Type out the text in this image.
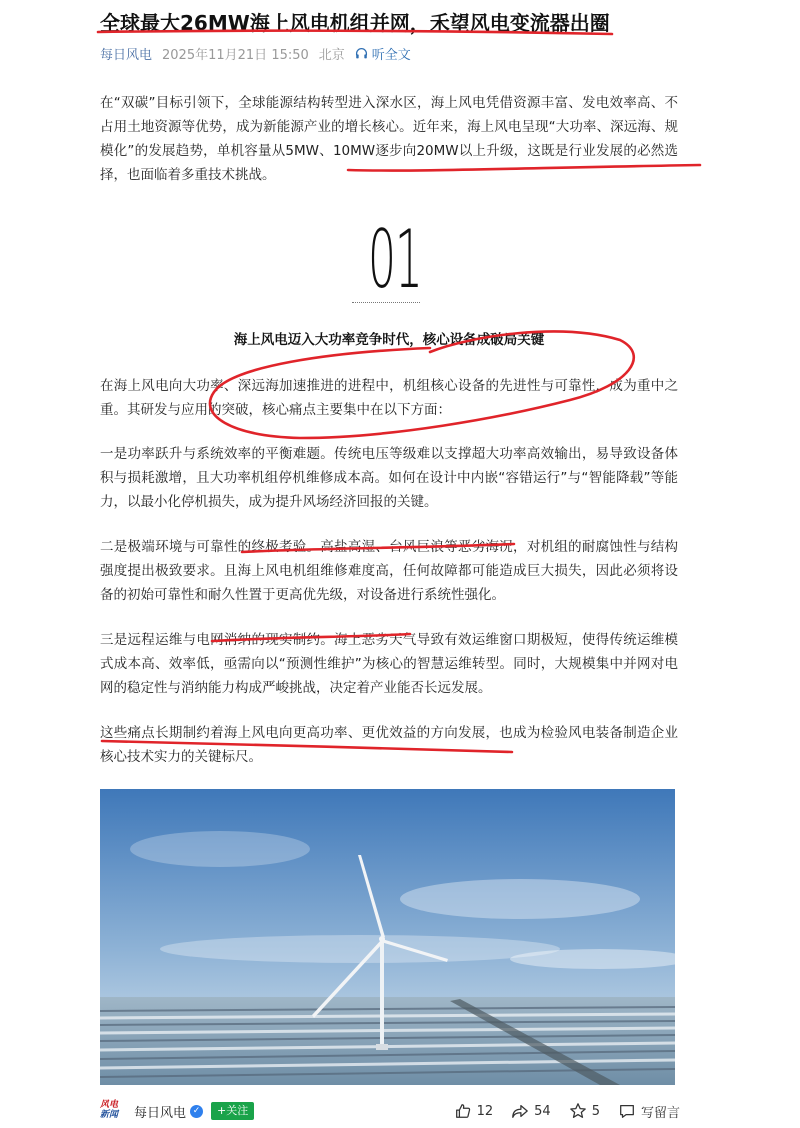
全球最大26MW海上风电机组并网，禾望风电变流器出圈
每日风电 2025年11月21日 15:50 北京 听全文

在“双碳”目标引领下，全球能源结构转型进入深水区，海上风电凭借资源丰富、发电效率高、不占用土地资源等优势，成为新能源产业的增长核心。近年来，海上风电呈现“大功率、深远海、规模化”的发展趋势，单机容量从5MW、10MW逐步向20MW以上升级，这既是行业发展的必然选择，也面临着多重技术挑战。

01
海上风电迈入大功率竞争时代，核心设备成破局关键

在海上风电向大功率、深远海加速推进的进程中，机组核心设备的先进性与可靠性，成为重中之重。其研发与应用的突破，核心痛点主要集中在以下方面：

一是功率跃升与系统效率的平衡难题。传统电压等级难以支撑超大功率高效输出，易导致设备体积与损耗激增，且大功率机组停机维修成本高。如何在设计中内嵌“容错运行”与“智能降载”等能力，以最小化停机损失，成为提升风场经济回报的关键。

二是极端环境与可靠性的终极考验。高盐高湿、台风巨浪等恶劣海况，对机组的耐腐蚀性与结构强度提出极致要求。且海上风电机组维修难度高，任何故障都可能造成巨大损失，因此必须将设备的初始可靠性和耐久性置于更高优先级，对设备进行系统性强化。

三是远程运维与电网消纳的现实制约。海上恶劣天气导致有效运维窗口期极短，使得传统运维模式成本高、效率低，亟需向以“预测性维护”为核心的智慧运维转型。同时，大规模集中并网对电网的稳定性与消纳能力构成严峻挑战，决定着产业能否长远发展。

这些痛点长期制约着海上风电向更高功率、更优效益的方向发展，也成为检验风电装备制造企业核心技术实力的关键标尺。

风电
新闻	每日风电 ✓	+关注	12	54	5	写留言
